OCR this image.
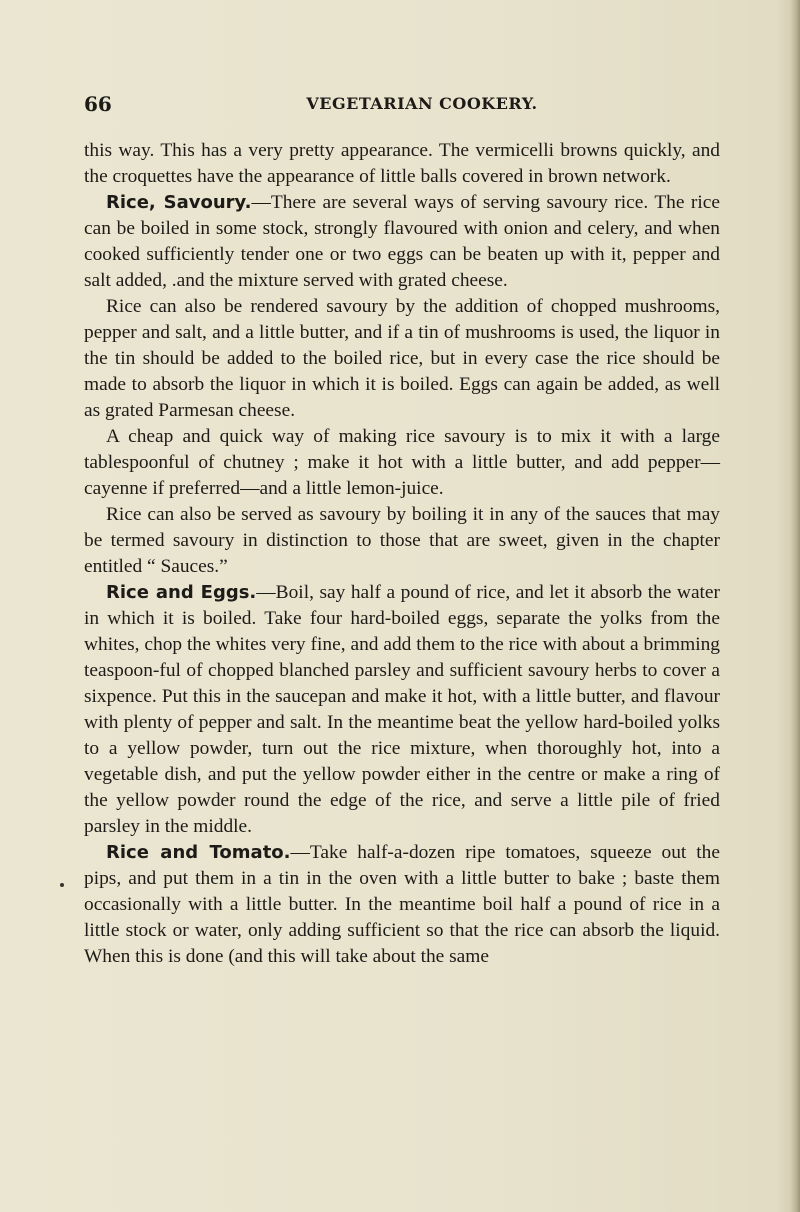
66	VEGETARIAN COOKERY.

this way. This has a very pretty appearance. The vermicelli browns quickly, and the croquettes have the appearance of little balls covered in brown network.

Rice, Savoury.—There are several ways of serving savoury rice. The rice can be boiled in some stock, strongly flavoured with onion and celery, and when cooked sufficiently tender one or two eggs can be beaten up with it, pepper and salt added, .and the mixture served with grated cheese.

Rice can also be rendered savoury by the addition of chopped mushrooms, pepper and salt, and a little butter, and if a tin of mushrooms is used, the liquor in the tin should be added to the boiled rice, but in every case the rice should be made to absorb the liquor in which it is boiled. Eggs can again be added, as well as grated Parmesan cheese.

A cheap and quick way of making rice savoury is to mix it with a large tablespoonful of chutney ; make it hot with a little butter, and add pepper—cayenne if preferred—and a little lemon-juice.

Rice can also be served as savoury by boiling it in any of the sauces that may be termed savoury in distinction to those that are sweet, given in the chapter entitled “ Sauces.”

Rice and Eggs.—Boil, say half a pound of rice, and let it absorb the water in which it is boiled. Take four hard-boiled eggs, separate the yolks from the whites, chop the whites very fine, and add them to the rice with about a brimming teaspoon-ful of chopped blanched parsley and sufficient savoury herbs to cover a sixpence. Put this in the saucepan and make it hot, with a little butter, and flavour with plenty of pepper and salt. In the meantime beat the yellow hard-boiled yolks to a yellow powder, turn out the rice mixture, when thoroughly hot, into a vegetable dish, and put the yellow powder either in the centre or make a ring of the yellow powder round the edge of the rice, and serve a little pile of fried parsley in the middle.

Rice and Tomato.—Take half-a-dozen ripe tomatoes, squeeze out the pips, and put them in a tin in the oven with a little butter to bake ; baste them occasionally with a little butter. In the meantime boil half a pound of rice in a little stock or water, only adding sufficient so that the rice can absorb the liquid. When this is done (and this will take about the same
